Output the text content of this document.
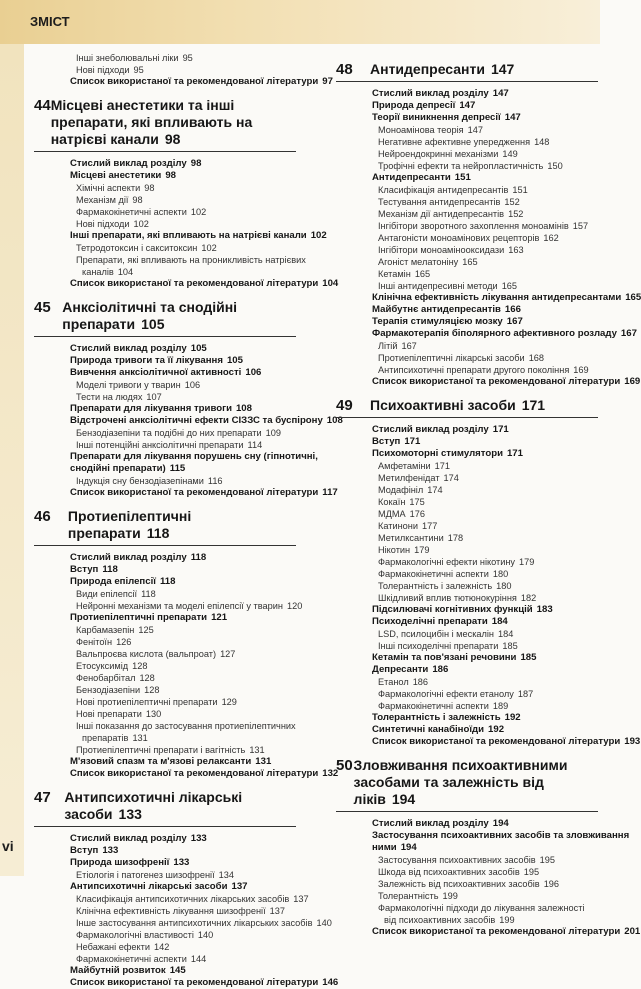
ЗМІСТ
vi
Інші знеболювальні ліки 95
Нові підходи 95
Список використаної та рекомендованої літератури 97
44 Місцеві анестетики та інші препарати, які впливають на натрієві канали 98
Стислий виклад розділу 98
Місцеві анестетики 98
Хімічні аспекти 98
Механізм дії 98
Фармакокінетичні аспекти 102
Нові підходи 102
Інші препарати, які впливають на натрієві канали 102
Тетродотоксин і сакситоксин 102
Препарати, які впливають на проникливість натрієвих
каналів 104
Список використаної та рекомендованої літератури 104
45 Анксіолітичні та снодійні препарати 105
Стислий виклад розділу 105
Природа тривоги та її лікування 105
Вивчення анксіолітичної активності 106
Моделі тривоги у тварин 106
Тести на людях 107
Препарати для лікування тривоги 108
Відстрочені анксіолітичні ефекти СІЗЗС та буспірону 108
Бензодіазепіни та подібні до них препарати 109
Інші потенційні анксіолітичні препарати 114
Препарати для лікування порушень сну (гіпнотичні,
снодійні препарати) 115
Індукція сну бензодіазепінами 116
Список використаної та рекомендованої літератури 117
46	Протиепілептичні препарати 118
Стислий виклад розділу 118
Вступ 118
Природа епілепсії 118
Види епілепсії 118
Нейронні механізми та моделі епілепсії у тварин 120
Протиепілептичні препарати 121
Карбамазепін 125
Фенітоїн 126
Вальпроєва кислота (вальпроат) 127
Етосуксимід 128
Фенобарбітал 128
Бензодіазепіни 128
Нові протиепілептичні препарати 129
Нові препарати 130
Інші показання до застосування протиепілептичних
препаратів 131
Протиепілептичні препарати і вагітність 131
М'язовий спазм та м'язові релаксанти 131
Список використаної та рекомендованої літератури 132
47 Антипсихотичні лікарські засоби 133
Стислий виклад розділу 133
Вступ 133
Природа шизофренії 133
Етіологія і патогенез шизофренії 134
Антипсихотичні лікарські засоби 137
Класифікація антипсихотичних лікарських засобів 137
Клінічна ефективність лікування шизофренії 137
Інше застосування антипсихотичних лікарських засобів 140
Фармакологічні властивості 140
Небажані ефекти 142
Фармакокінетичні аспекти 144
Майбутній розвиток 145
Список використаної та рекомендованої літератури 146
48	Антидепресанти 147
Стислий виклад розділу 147
Природа депресії 147
Теорії виникнення депресії 147
Моноамінова теорія 147
Негативне афективне упередження 148
Нейроендокринні механізми 149
Трофічні ефекти та нейропластичність 150
Антидепресанти 151
Класифікація антидепресантів 151
Тестування антидепресантів 152
Механізм дії антидепресантів 152
Інгібітори зворотного захоплення моноамінів 157
Антагоністи моноамінових рецепторів 162
Інгібітори моноамінооксидази 163
Агоніст мелатоніну 165
Кетамін 165
Інші антидепресивні методи 165
Клінічна ефективність лікування антидепресантами 165
Майбутнє антидепресантів 166
Терапія стимуляцією мозку 167
Фармакотерапія біполярного афективного розладу 167
Літій 167
Протиепілептичні лікарські засоби 168
Антипсихотичні препарати другого покоління 169
Список використаної та рекомендованої літератури 169
49	Психоактивні засоби 171
Стислий виклад розділу 171
Вступ 171
Психомоторні стимулятори 171
Амфетаміни 171
Метилфенідат 174
Модафініл 174
Кокаїн 175
МДМА 176
Катинони 177
Метилксантини 178
Нікотин 179
Фармакологічні ефекти нікотину 179
Фармакокінетичні аспекти 180
Толерантність і залежність 180
Шкідливий вплив тютюнокуріння 182
Підсилювачі когнітивних функцій 183
Психоделічні препарати 184
LSD, псилоцибін і мескалін 184
Інші психоделічні препарати 185
Кетамін та пов'язані речовини 185
Депресанти 186
Етанол 186
Фармакологічні ефекти етанолу 187
Фармакокінетичні аспекти 189
Толерантність і залежність 192
Синтетичні канабіноїди 192
Список використаної та рекомендованої літератури 193
50 Зловживання психоактивними засобами та залежність від ліків 194
Стислий виклад розділу 194
Застосування психоактивних засобів та зловживання
ними 194
Застосування психоактивних засобів 195
Шкода від психоактивних засобів 195
Залежність від психоактивних засобів 196
Толерантність 199
Фармакологічні підходи до лікування залежності
від психоактивних засобів 199
Список використаної та рекомендованої літератури 201
